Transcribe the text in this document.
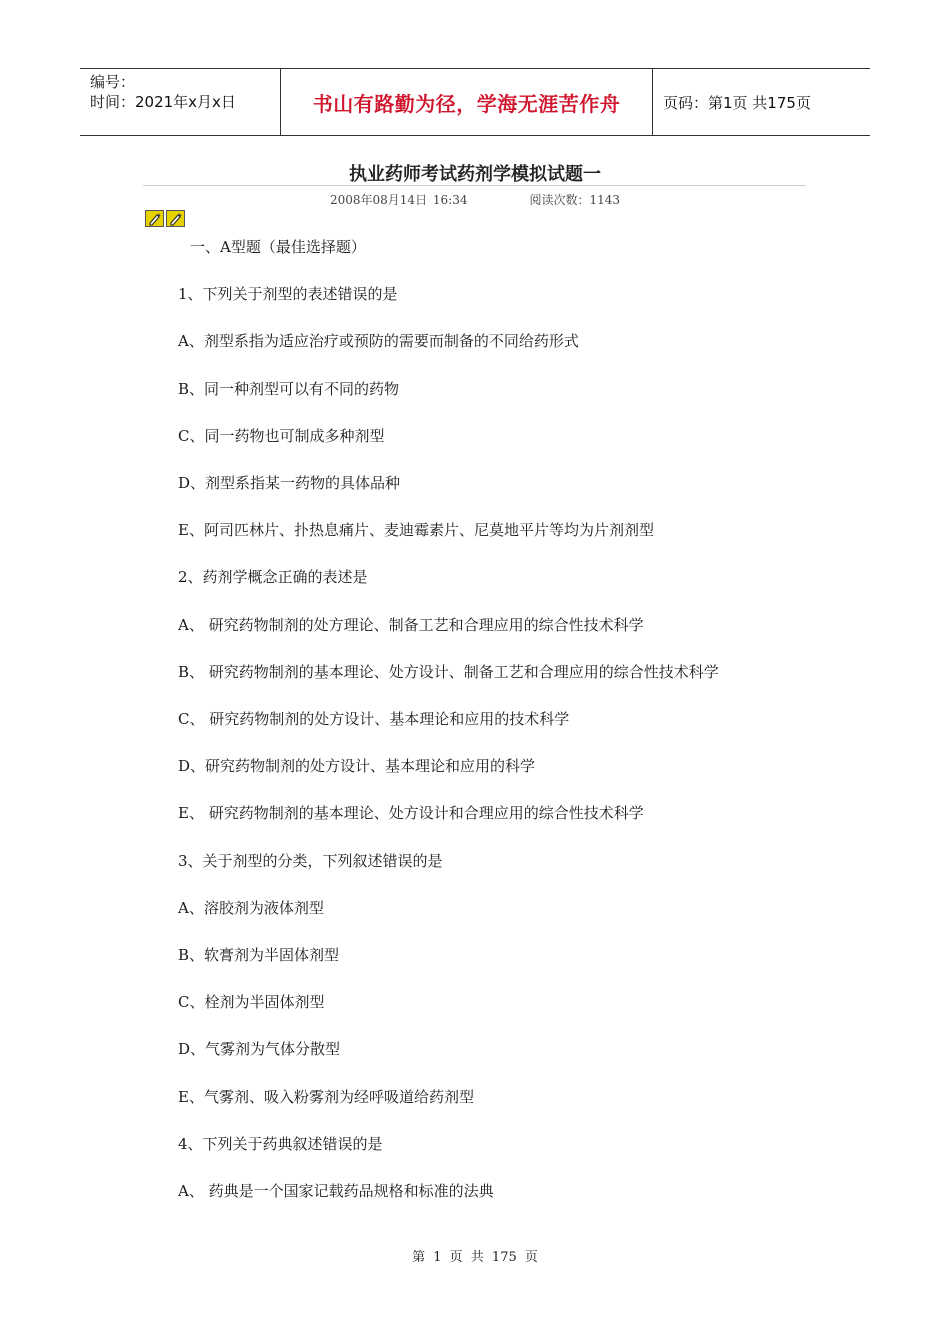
编号：
时间：2021年x月x日	书山有路勤为径，学海无涯苦作舟	页码：第1页 共175页
执业药师考试药剂学模拟试题一
2008年08月14日 16:34	阅读次数：1143
一、A型题（最佳选择题）
1、下列关于剂型的表述错误的是
A、剂型系指为适应治疗或预防的需要而制备的不同给药形式
B、同一种剂型可以有不同的药物
C、同一药物也可制成多种剂型
D、剂型系指某一药物的具体品种
E、阿司匹林片、扑热息痛片、麦迪霉素片、尼莫地平片等均为片剂剂型
2、药剂学概念正确的表述是
A、 研究药物制剂的处方理论、制备工艺和合理应用的综合性技术科学
B、 研究药物制剂的基本理论、处方设计、制备工艺和合理应用的综合性技术科学
C、 研究药物制剂的处方设计、基本理论和应用的技术科学
D、研究药物制剂的处方设计、基本理论和应用的科学
E、 研究药物制剂的基本理论、处方设计和合理应用的综合性技术科学
3、关于剂型的分类，下列叙述错误的是
A、溶胶剂为液体剂型
B、软膏剂为半固体剂型
C、栓剂为半固体剂型
D、气雾剂为气体分散型
E、气雾剂、吸入粉雾剂为经呼吸道给药剂型
4、下列关于药典叙述错误的是
A、 药典是一个国家记载药品规格和标准的法典
第 1 页 共 175 页
